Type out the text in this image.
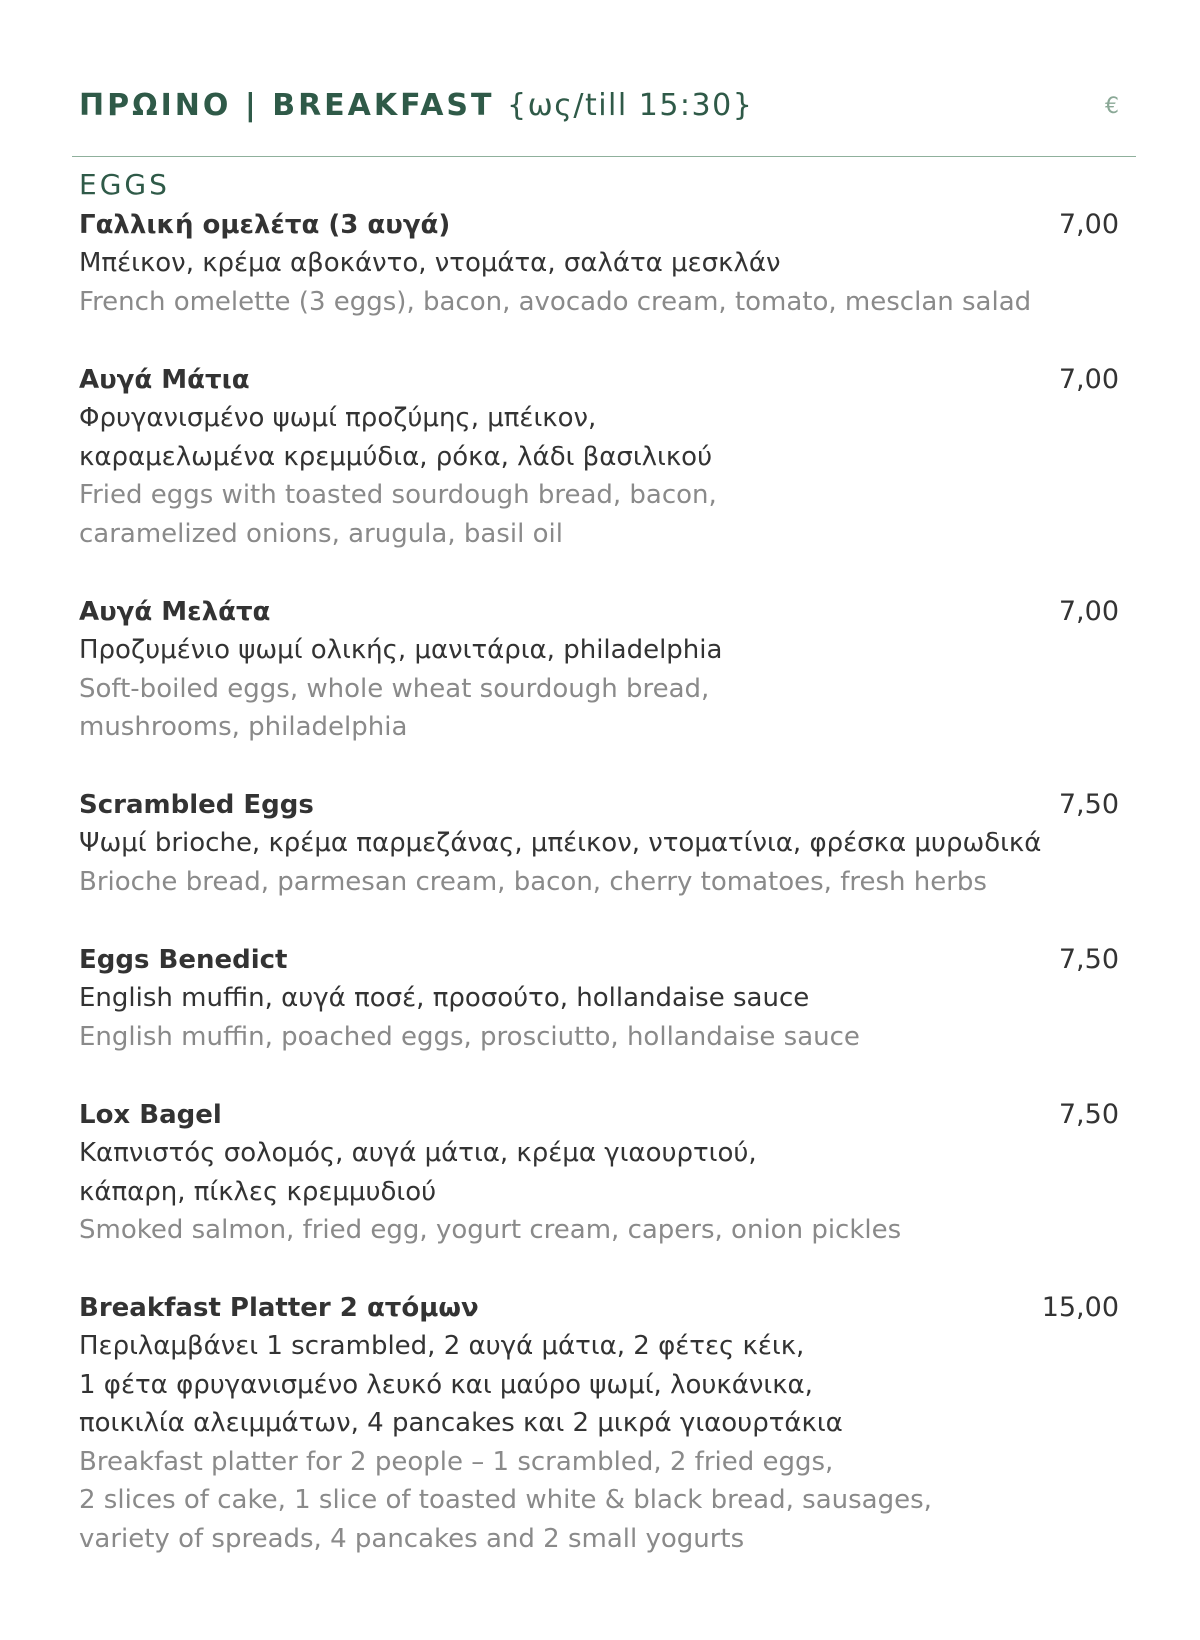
ΠΡΩΙΝΟ | BREAKFAST {ως/till 15:30}	€
EGGS
Γαλλική ομελέτα (3 αυγά)	7,00
Μπέικον, κρέμα αβοκάντο, ντομάτα, σαλάτα μεσκλάν
French omelette (3 eggs), bacon, avocado cream, tomato, mesclan salad
Αυγά Μάτια	7,00
Φρυγανισμένο ψωμί προζύμης, μπέικον,
καραμελωμένα κρεμμύδια, ρόκα, λάδι βασιλικού
Fried eggs with toasted sourdough bread, bacon,
caramelized onions, arugula, basil oil
Αυγά Μελάτα	7,00
Προζυμένιο ψωμί ολικής, μανιτάρια, philadelphia
Soft-boiled eggs, whole wheat sourdough bread,
mushrooms, philadelphia
Scrambled Eggs	7,50
Ψωμί brioche, κρέμα παρμεζάνας, μπέικον, ντοματίνια, φρέσκα μυρωδικά
Brioche bread, parmesan cream, bacon, cherry tomatoes, fresh herbs
Eggs Benedict	7,50
English muffin, αυγά ποσέ, προσούτο, hollandaise sauce
English muffin, poached eggs, prosciutto, hollandaise sauce
Lox Bagel	7,50
Καπνιστός σολομός, αυγά μάτια, κρέμα γιαουρτιού,
κάπαρη, πίκλες κρεμμυδιού
Smoked salmon, fried egg, yogurt cream, capers, onion pickles
Breakfast Platter 2 ατόμων	15,00
Περιλαμβάνει 1 scrambled, 2 αυγά μάτια, 2 φέτες κέικ,
1 φέτα φρυγανισμένο λευκό και μαύρο ψωμί, λουκάνικα,
ποικιλία αλειμμάτων, 4 pancakes και 2 μικρά γιαουρτάκια
Breakfast platter for 2 people – 1 scrambled, 2 fried eggs,
2 slices of cake, 1 slice of toasted white & black bread, sausages,
variety of spreads, 4 pancakes and 2 small yogurts
